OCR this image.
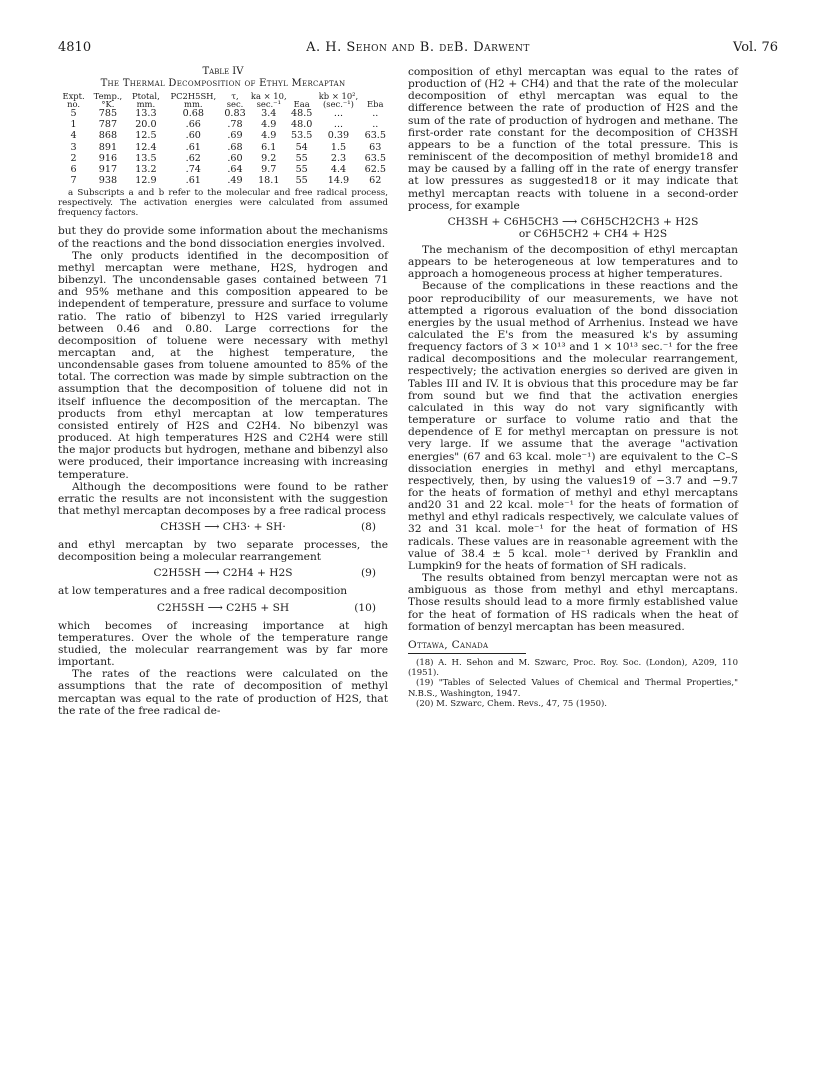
4810	A. H. Sehon and B. deB. Darwent	Vol. 76
Table IV
The Thermal Decomposition of Ethyl Mercaptan
Expt. no.	Temp., °K.	Ptotal, mm.	PC2H5SH, mm.	τ, sec.	ka × 10, sec.⁻¹	Eaa	kb × 10², (sec.⁻¹)	Eba
5	785	13.3	0.68	0.83	3.4	48.5	...	..
1	787	20.0	.66	.78	4.9	48.0	...	..
4	868	12.5	.60	.69	4.9	53.5	0.39	63.5
3	891	12.4	.61	.68	6.1	54	1.5	63
2	916	13.5	.62	.60	9.2	55	2.3	63.5
6	917	13.2	.74	.64	9.7	55	4.4	62.5
7	938	12.9	.61	.49	18.1	55	14.9	62
a Subscripts a and b refer to the molecular and free radical process, respectively. The activation energies were calculated from assumed frequency factors.

but they do provide some information about the mechanisms of the reactions and the bond dissociation energies involved.

The only products identified in the decomposition of methyl mercaptan were methane, H2S, hydrogen and bibenzyl. The uncondensable gases contained between 71 and 95% methane and this composition appeared to be independent of temperature, pressure and surface to volume ratio. The ratio of bibenzyl to H2S varied irregularly between 0.46 and 0.80. Large corrections for the decomposition of toluene were necessary with methyl mercaptan and, at the highest temperature, the uncondensable gases from toluene amounted to 85% of the total. The correction was made by simple subtraction on the assumption that the decomposition of toluene did not in itself influence the decomposition of the mercaptan. The products from ethyl mercaptan at low temperatures consisted entirely of H2S and C2H4. No bibenzyl was produced. At high temperatures H2S and C2H4 were still the major products but hydrogen, methane and bibenzyl also were produced, their importance increasing with increasing temperature.

Although the decompositions were found to be rather erratic the results are not inconsistent with the suggestion that methyl mercaptan decomposes by a free radical process

CH3SH ⟶ CH3· + SH·	(8)

and ethyl mercaptan by two separate processes, the decomposition being a molecular rearrangement

C2H5SH ⟶ C2H4 + H2S	(9)

at low temperatures and a free radical decomposition

C2H5SH ⟶ C2H5 + SH	(10)

which becomes of increasing importance at high temperatures. Over the whole of the temperature range studied, the molecular rearrangement was by far more important.

The rates of the reactions were calculated on the assumptions that the rate of decomposition of methyl mercaptan was equal to the rate of production of H2S, that the rate of the free radical de-

composition of ethyl mercaptan was equal to the rates of production of (H2 + CH4) and that the rate of the molecular decomposition of ethyl mercaptan was equal to the difference between the rate of production of H2S and the sum of the rate of production of hydrogen and methane. The first-order rate constant for the decomposition of CH3SH appears to be a function of the total pressure. This is reminiscent of the decomposition of methyl bromide18 and may be caused by a falling off in the rate of energy transfer at low pressures as suggested18 or it may indicate that methyl mercaptan reacts with toluene in a second-order process, for example

CH3SH + C6H5CH3 ⟶ C6H5CH2CH3 + H2S
or C6H5CH2 + CH4 + H2S

The mechanism of the decomposition of ethyl mercaptan appears to be heterogeneous at low temperatures and to approach a homogeneous process at higher temperatures.

Because of the complications in these reactions and the poor reproducibility of our measurements, we have not attempted a rigorous evaluation of the bond dissociation energies by the usual method of Arrhenius. Instead we have calculated the E's from the measured k's by assuming frequency factors of 3 × 10¹³ and 1 × 10¹³ sec.⁻¹ for the free radical decompositions and the molecular rearrangement, respectively; the activation energies so derived are given in Tables III and IV. It is obvious that this procedure may be far from sound but we find that the activation energies calculated in this way do not vary significantly with temperature or surface to volume ratio and that the dependence of E for methyl mercaptan on pressure is not very large. If we assume that the average "activation energies" (67 and 63 kcal. mole⁻¹) are equivalent to the C–S dissociation energies in methyl and ethyl mercaptans, respectively, then, by using the values19 of −3.7 and −9.7 for the heats of formation of methyl and ethyl mercaptans and20 31 and 22 kcal. mole⁻¹ for the heats of formation of methyl and ethyl radicals respectively, we calculate values of 32 and 31 kcal. mole⁻¹ for the heat of formation of HS radicals. These values are in reasonable agreement with the value of 38.4 ± 5 kcal. mole⁻¹ derived by Franklin and Lumpkin9 for the heats of formation of SH radicals.

The results obtained from benzyl mercaptan were not as ambiguous as those from methyl and ethyl mercaptans. Those results should lead to a more firmly established value for the heat of formation of HS radicals when the heat of formation of benzyl mercaptan has been measured.

Ottawa, Canada

(18) A. H. Sehon and M. Szwarc, Proc. Roy. Soc. (London), A209, 110 (1951).
(19) "Tables of Selected Values of Chemical and Thermal Properties," N.B.S., Washington, 1947.
(20) M. Szwarc, Chem. Revs., 47, 75 (1950).
